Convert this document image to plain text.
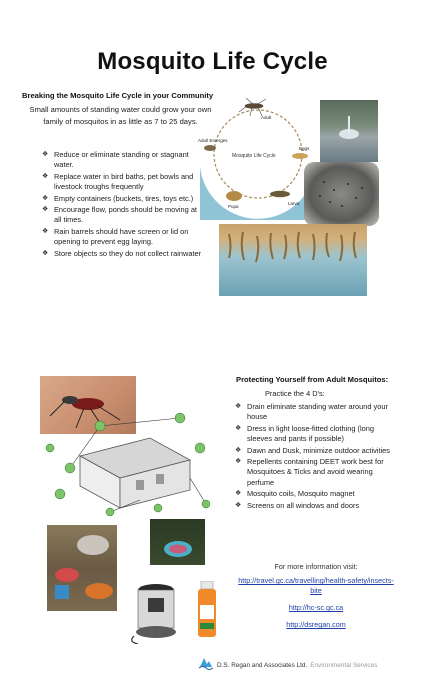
Mosquito Life Cycle
Breaking the Mosquito Life Cycle in your Community
Small amounts of standing water could grow your own family of mosquitos in as little as 7 to 25 days.
❖ Reduce or eliminate standing or stagnant water.
❖ Replace water in bird baths, pet bowls and livestock troughs frequently
❖ Empty containers (buckets, tires, toys etc.)
❖ Encourage flow, ponds should be moving at all times.
❖ Rain barrels should have screen or lid on opening to prevent egg laying.
❖ Store objects so they do not collect rainwater
Adult
Eggs
Larva
Pupa
Adult Emerges
Mosquito Life Cycle
Protecting Yourself from Adult Mosquitos:
Practice the 4 D's:
❖ Drain eliminate standing water around your house
❖ Dress in light loose-fitted clothing (long sleeves and pants if possible)
❖ Dawn and Dusk, minimize outdoor activities
❖ Repellents containing DEET work best for Mosquitoes & Ticks and avoid wearing perfume
❖ Mosquito coils, Mosquito magnet
❖ Screens on all windows and doors
For more information visit:
http://travel.gc.ca/travelling/health-safety/insects-bite
http://hc-sc.gc.ca
http://dsregan.com
D.S. Regan and Associates Ltd. Environmental Services
